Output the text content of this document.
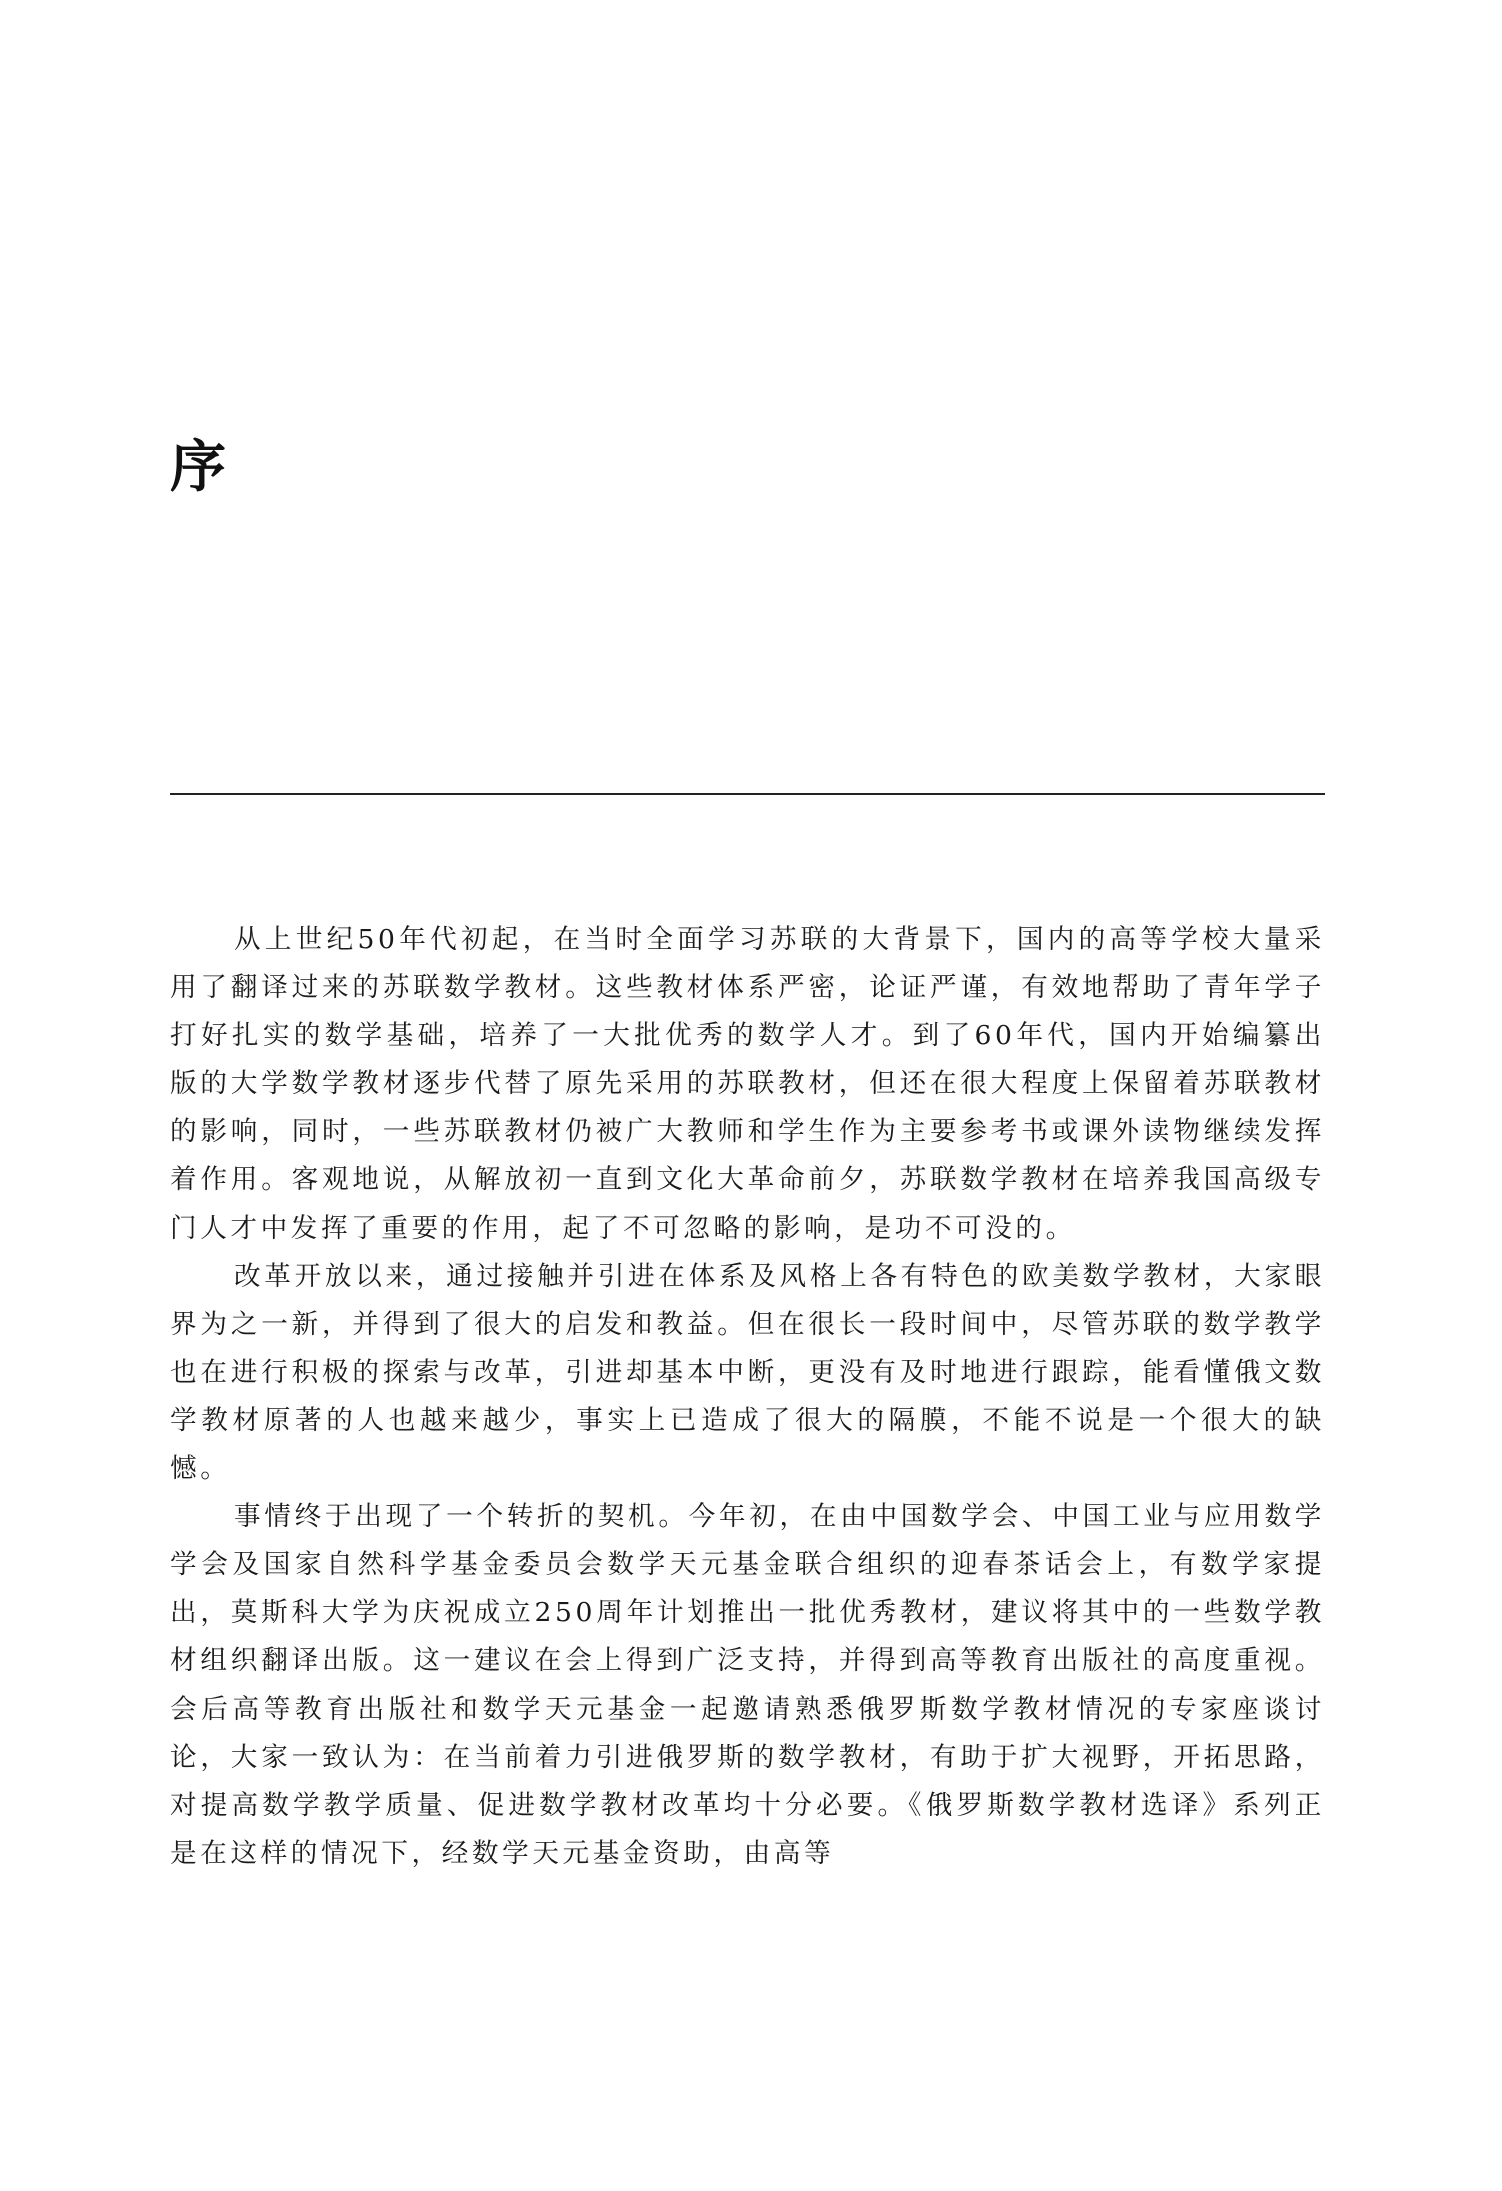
序

从上世纪50年代初起，在当时全面学习苏联的大背景下，国内的高等学校大量采用了翻译过来的苏联数学教材。这些教材体系严密，论证严谨，有效地帮助了青年学子打好扎实的数学基础，培养了一大批优秀的数学人才。到了60年代，国内开始编纂出版的大学数学教材逐步代替了原先采用的苏联教材，但还在很大程度上保留着苏联教材的影响，同时，一些苏联教材仍被广大教师和学生作为主要参考书或课外读物继续发挥着作用。客观地说，从解放初一直到文化大革命前夕，苏联数学教材在培养我国高级专门人才中发挥了重要的作用，起了不可忽略的影响，是功不可没的。

改革开放以来，通过接触并引进在体系及风格上各有特色的欧美数学教材，大家眼界为之一新，并得到了很大的启发和教益。但在很长一段时间中，尽管苏联的数学教学也在进行积极的探索与改革，引进却基本中断，更没有及时地进行跟踪，能看懂俄文数学教材原著的人也越来越少，事实上已造成了很大的隔膜，不能不说是一个很大的缺憾。

事情终于出现了一个转折的契机。今年初，在由中国数学会、中国工业与应用数学学会及国家自然科学基金委员会数学天元基金联合组织的迎春茶话会上，有数学家提出，莫斯科大学为庆祝成立250周年计划推出一批优秀教材，建议将其中的一些数学教材组织翻译出版。这一建议在会上得到广泛支持，并得到高等教育出版社的高度重视。会后高等教育出版社和数学天元基金一起邀请熟悉俄罗斯数学教材情况的专家座谈讨论，大家一致认为：在当前着力引进俄罗斯的数学教材，有助于扩大视野，开拓思路，对提高数学教学质量、促进数学教材改革均十分必要。《俄罗斯数学教材选译》系列正是在这样的情况下，经数学天元基金资助，由高等
